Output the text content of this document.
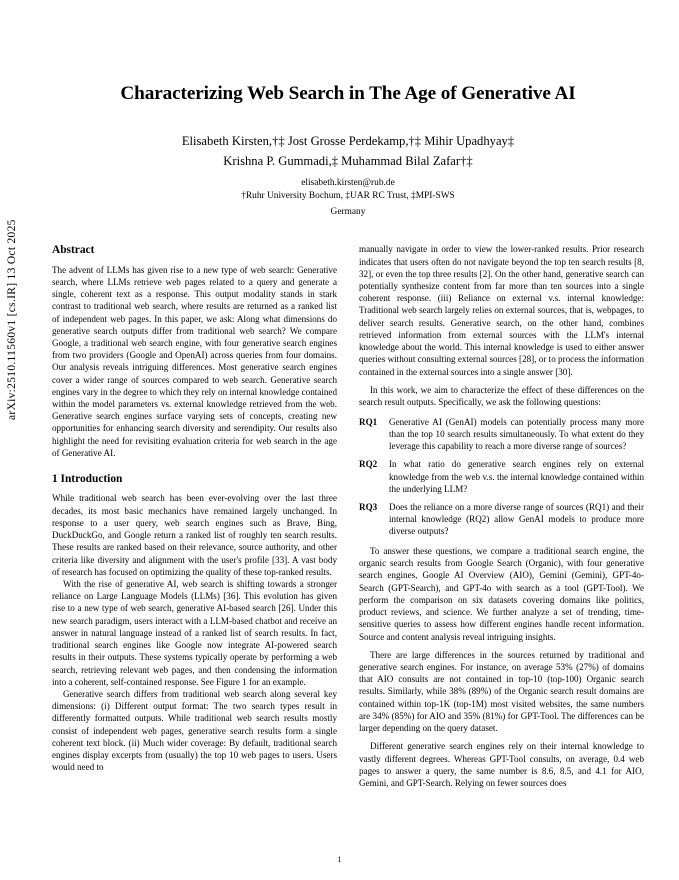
arXiv:2510.11560v1 [cs.IR] 13 Oct 2025
Characterizing Web Search in The Age of Generative AI
Elisabeth Kirsten,†‡ Jost Grosse Perdekamp,†‡ Mihir Upadhyay‡
Krishna P. Gummadi,‡ Muhammad Bilal Zafar†‡
elisabeth.kirsten@rub.de
†Ruhr University Bochum, ‡UAR RC Trust, ‡MPI-SWS
Germany
Abstract

The advent of LLMs has given rise to a new type of web search: Generative search, where LLMs retrieve web pages related to a query and generate a single, coherent text as a response. This output modality stands in stark contrast to traditional web search, where results are returned as a ranked list of independent web pages. In this paper, we ask: Along what dimensions do generative search outputs differ from traditional web search? We compare Google, a traditional web search engine, with four generative search engines from two providers (Google and OpenAI) across queries from four domains. Our analysis reveals intriguing differences. Most generative search engines cover a wider range of sources compared to web search. Generative search engines vary in the degree to which they rely on internal knowledge contained within the model parameters vs. external knowledge retrieved from the web. Generative search engines surface varying sets of concepts, creating new opportunities for enhancing search diversity and serendipity. Our results also highlight the need for revisiting evaluation criteria for web search in the age of Generative AI.

1 Introduction

While traditional web search has been ever-evolving over the last three decades, its most basic mechanics have remained largely unchanged. In response to a user query, web search engines such as Brave, Bing, DuckDuckGo, and Google return a ranked list of roughly ten search results. These results are ranked based on their relevance, source authority, and other criteria like diversity and alignment with the user's profile [33]. A vast body of research has focused on optimizing the quality of these top-ranked results.

With the rise of generative AI, web search is shifting towards a stronger reliance on Large Language Models (LLMs) [36]. This evolution has given rise to a new type of web search, generative AI-based search [26]. Under this new search paradigm, users interact with a LLM-based chatbot and receive an answer in natural language instead of a ranked list of search results. In fact, traditional search engines like Google now integrate AI-powered search results in their outputs. These systems typically operate by performing a web search, retrieving relevant web pages, and then condensing the information into a coherent, self-contained response. See Figure 1 for an example.

Generative search differs from traditional web search along several key dimensions: (i) Different output format: The two search types result in differently formatted outputs. While traditional web search results mostly consist of independent web pages, generative search results form a single coherent text block. (ii) Much wider coverage: By default, traditional search engines display excerpts from (usually) the top 10 web pages to users. Users would need to

manually navigate in order to view the lower-ranked results. Prior research indicates that users often do not navigate beyond the top ten search results [8, 32], or even the top three results [2]. On the other hand, generative search can potentially synthesize content from far more than ten sources into a single coherent response. (iii) Reliance on external v.s. internal knowledge: Traditional web search largely relies on external sources, that is, webpages, to deliver search results. Generative search, on the other hand, combines retrieved information from external sources with the LLM's internal knowledge about the world. This internal knowledge is used to either answer queries without consulting external sources [28], or to process the information contained in the external sources into a single answer [30].

In this work, we aim to characterize the effect of these differences on the search result outputs. Specifically, we ask the following questions:

RQ1	Generative AI (GenAI) models can potentially process many more than the top 10 search results simultaneously. To what extent do they leverage this capability to reach a more diverse range of sources?
RQ2	In what ratio do generative search engines rely on external knowledge from the web v.s. the internal knowledge contained within the underlying LLM?
RQ3	Does the reliance on a more diverse range of sources (RQ1) and their internal knowledge (RQ2) allow GenAI models to produce more diverse outputs?

To answer these questions, we compare a traditional search engine, the organic search results from Google Search (Organic), with four generative search engines, Google AI Overview (AIO), Gemini (Gemini), GPT-4o-Search (GPT-Search), and GPT-4o with search as a tool (GPT-Tool). We perform the comparison on six datasets covering domains like politics, product reviews, and science. We further analyze a set of trending, time-sensitive queries to assess how different engines handle recent information. Source and content analysis reveal intriguing insights.

There are large differences in the sources returned by traditional and generative search engines. For instance, on average 53% (27%) of domains that AIO consults are not contained in top-10 (top-100) Organic search results. Similarly, while 38% (89%) of the Organic search result domains are contained within top-1K (top-1M) most visited websites, the same numbers are 34% (85%) for AIO and 35% (81%) for GPT-Tool. The differences can be larger depending on the query dataset.

Different generative search engines rely on their internal knowledge to vastly different degrees. Whereas GPT-Tool consults, on average, 0.4 web pages to answer a query, the same number is 8.6, 8.5, and 4.1 for AIO, Gemini, and GPT-Search. Relying on fewer sources does

1
